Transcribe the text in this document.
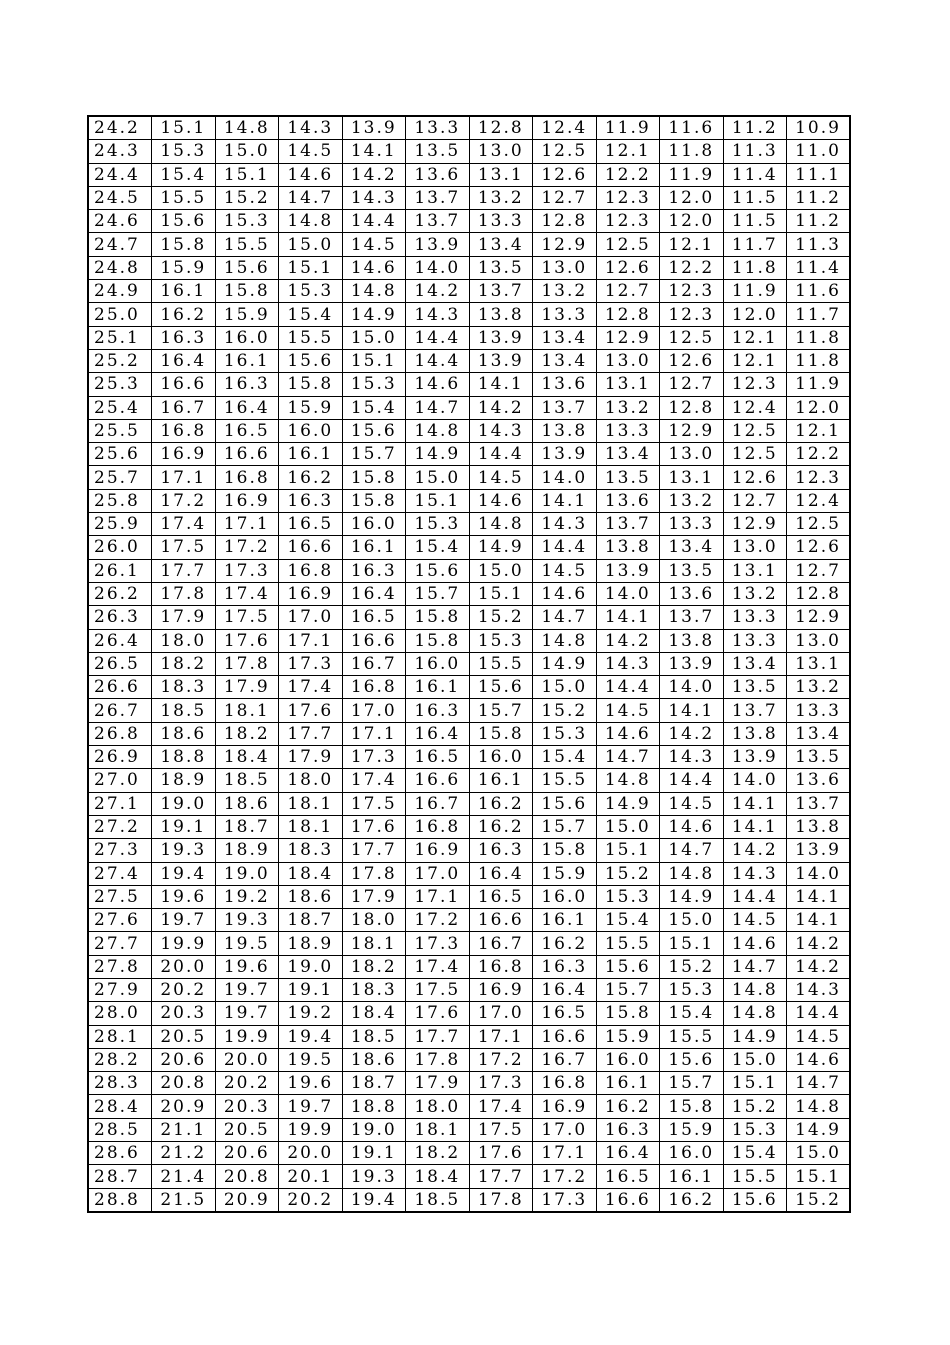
24.2	15.1	14.8	14.3	13.9	13.3	12.8	12.4	11.9	11.6	11.2	10.9
24.3	15.3	15.0	14.5	14.1	13.5	13.0	12.5	12.1	11.8	11.3	11.0
24.4	15.4	15.1	14.6	14.2	13.6	13.1	12.6	12.2	11.9	11.4	11.1
24.5	15.5	15.2	14.7	14.3	13.7	13.2	12.7	12.3	12.0	11.5	11.2
24.6	15.6	15.3	14.8	14.4	13.7	13.3	12.8	12.3	12.0	11.5	11.2
24.7	15.8	15.5	15.0	14.5	13.9	13.4	12.9	12.5	12.1	11.7	11.3
24.8	15.9	15.6	15.1	14.6	14.0	13.5	13.0	12.6	12.2	11.8	11.4
24.9	16.1	15.8	15.3	14.8	14.2	13.7	13.2	12.7	12.3	11.9	11.6
25.0	16.2	15.9	15.4	14.9	14.3	13.8	13.3	12.8	12.3	12.0	11.7
25.1	16.3	16.0	15.5	15.0	14.4	13.9	13.4	12.9	12.5	12.1	11.8
25.2	16.4	16.1	15.6	15.1	14.4	13.9	13.4	13.0	12.6	12.1	11.8
25.3	16.6	16.3	15.8	15.3	14.6	14.1	13.6	13.1	12.7	12.3	11.9
25.4	16.7	16.4	15.9	15.4	14.7	14.2	13.7	13.2	12.8	12.4	12.0
25.5	16.8	16.5	16.0	15.6	14.8	14.3	13.8	13.3	12.9	12.5	12.1
25.6	16.9	16.6	16.1	15.7	14.9	14.4	13.9	13.4	13.0	12.5	12.2
25.7	17.1	16.8	16.2	15.8	15.0	14.5	14.0	13.5	13.1	12.6	12.3
25.8	17.2	16.9	16.3	15.8	15.1	14.6	14.1	13.6	13.2	12.7	12.4
25.9	17.4	17.1	16.5	16.0	15.3	14.8	14.3	13.7	13.3	12.9	12.5
26.0	17.5	17.2	16.6	16.1	15.4	14.9	14.4	13.8	13.4	13.0	12.6
26.1	17.7	17.3	16.8	16.3	15.6	15.0	14.5	13.9	13.5	13.1	12.7
26.2	17.8	17.4	16.9	16.4	15.7	15.1	14.6	14.0	13.6	13.2	12.8
26.3	17.9	17.5	17.0	16.5	15.8	15.2	14.7	14.1	13.7	13.3	12.9
26.4	18.0	17.6	17.1	16.6	15.8	15.3	14.8	14.2	13.8	13.3	13.0
26.5	18.2	17.8	17.3	16.7	16.0	15.5	14.9	14.3	13.9	13.4	13.1
26.6	18.3	17.9	17.4	16.8	16.1	15.6	15.0	14.4	14.0	13.5	13.2
26.7	18.5	18.1	17.6	17.0	16.3	15.7	15.2	14.5	14.1	13.7	13.3
26.8	18.6	18.2	17.7	17.1	16.4	15.8	15.3	14.6	14.2	13.8	13.4
26.9	18.8	18.4	17.9	17.3	16.5	16.0	15.4	14.7	14.3	13.9	13.5
27.0	18.9	18.5	18.0	17.4	16.6	16.1	15.5	14.8	14.4	14.0	13.6
27.1	19.0	18.6	18.1	17.5	16.7	16.2	15.6	14.9	14.5	14.1	13.7
27.2	19.1	18.7	18.1	17.6	16.8	16.2	15.7	15.0	14.6	14.1	13.8
27.3	19.3	18.9	18.3	17.7	16.9	16.3	15.8	15.1	14.7	14.2	13.9
27.4	19.4	19.0	18.4	17.8	17.0	16.4	15.9	15.2	14.8	14.3	14.0
27.5	19.6	19.2	18.6	17.9	17.1	16.5	16.0	15.3	14.9	14.4	14.1
27.6	19.7	19.3	18.7	18.0	17.2	16.6	16.1	15.4	15.0	14.5	14.1
27.7	19.9	19.5	18.9	18.1	17.3	16.7	16.2	15.5	15.1	14.6	14.2
27.8	20.0	19.6	19.0	18.2	17.4	16.8	16.3	15.6	15.2	14.7	14.2
27.9	20.2	19.7	19.1	18.3	17.5	16.9	16.4	15.7	15.3	14.8	14.3
28.0	20.3	19.7	19.2	18.4	17.6	17.0	16.5	15.8	15.4	14.8	14.4
28.1	20.5	19.9	19.4	18.5	17.7	17.1	16.6	15.9	15.5	14.9	14.5
28.2	20.6	20.0	19.5	18.6	17.8	17.2	16.7	16.0	15.6	15.0	14.6
28.3	20.8	20.2	19.6	18.7	17.9	17.3	16.8	16.1	15.7	15.1	14.7
28.4	20.9	20.3	19.7	18.8	18.0	17.4	16.9	16.2	15.8	15.2	14.8
28.5	21.1	20.5	19.9	19.0	18.1	17.5	17.0	16.3	15.9	15.3	14.9
28.6	21.2	20.6	20.0	19.1	18.2	17.6	17.1	16.4	16.0	15.4	15.0
28.7	21.4	20.8	20.1	19.3	18.4	17.7	17.2	16.5	16.1	15.5	15.1
28.8	21.5	20.9	20.2	19.4	18.5	17.8	17.3	16.6	16.2	15.6	15.2
